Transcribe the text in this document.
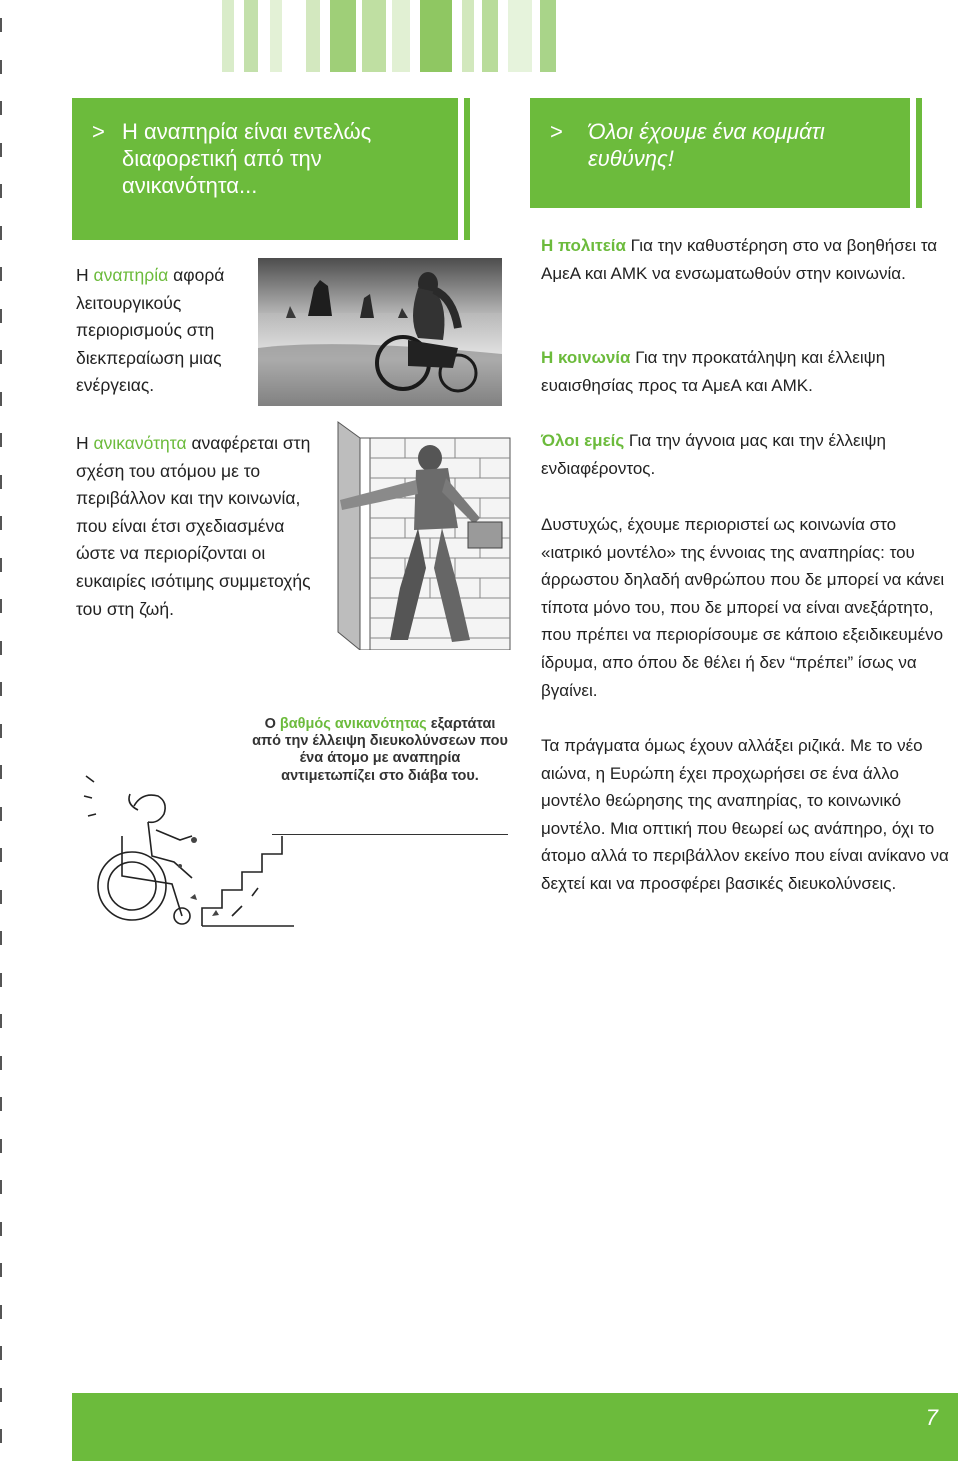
> Η αναπηρία είναι εντελώς διαφορετική από την ανικανότητα...
> Όλοι έχουμε ένα κομμάτι ευθύνης!
Η αναπηρία αφορά λειτουργικούς περιορισμούς στη διεκπεραίωση μιας ενέργειας.
Η ανικανότητα αναφέρεται στη σχέση του ατόμου με το περιβάλλον και την κοινωνία, που είναι έτσι σχεδιασμένα ώστε να περιορίζονται οι ευκαιρίες ισότιμης συμμετοχής του στη ζωή.
Ο βαθμός ανικανότητας εξαρτάται από την έλλειψη διευκολύνσεων που ένα άτομο με αναπηρία αντιμετωπίζει στο διάβα του.
Η πολιτεία Για την καθυστέρηση στο να βοηθήσει τα ΑμεΑ και ΑΜΚ να ενσωματωθούν στην κοινωνία.
Η κοινωνία Για την προκατάληψη και έλλειψη ευαισθησίας προς τα ΑμεΑ και ΑΜΚ.
Όλοι εμείς Για την άγνοια μας και την έλλειψη ενδιαφέροντος.
Δυστυχώς, έχουμε περιοριστεί ως κοινωνία στο «ιατρικό μοντέλο» της έννοιας της αναπηρίας: του άρρωστου δηλαδή ανθρώπου που δε μπορεί να κάνει τίποτα μόνο του, που δε μπορεί να είναι ανεξάρτητο, που πρέπει να περιορίσουμε σε κάποιο εξειδικευμένο ίδρυμα, απο όπου δε θέλει ή δεν “πρέπει” ίσως να βγαίνει.
Τα πράγματα όμως έχουν αλλάξει ριζικά. Με το νέο αιώνα, η Ευρώπη έχει προχωρήσει σε ένα άλλο μοντέλο θεώρησης της αναπηρίας, το κοινωνικό μοντέλο. Μια οπτική που θεωρεί ως ανάπηρο, όχι το άτομο αλλά το περιβάλλον εκείνο που είναι ανίκανο να δεχτεί και να προσφέρει βασικές διευκολύνσεις.
7
